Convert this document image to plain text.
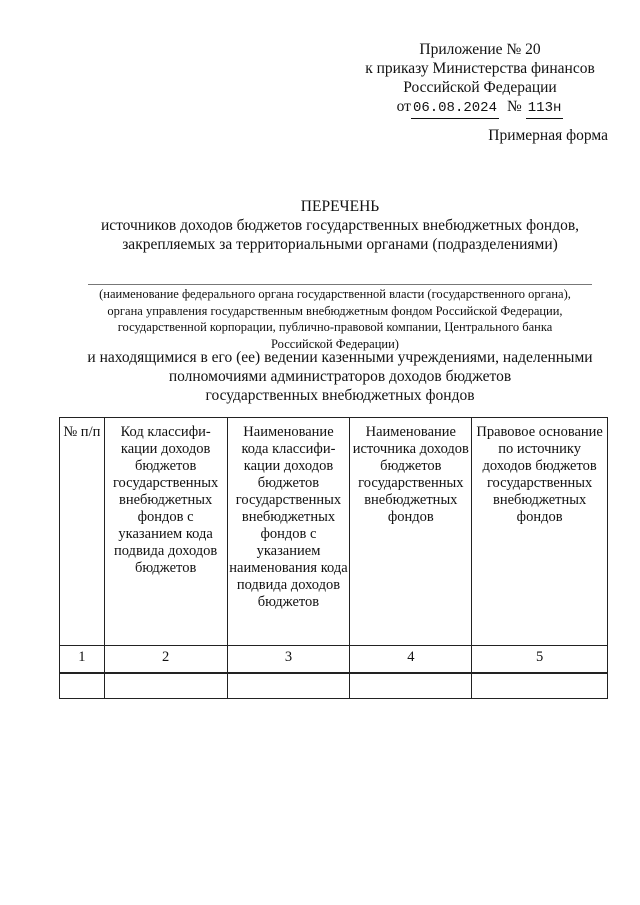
Приложение № 20
к приказу Министерства финансов
Российской Федерации
от 06.08.2024 № 113н
Примерная форма
ПЕРЕЧЕНЬ
источников доходов бюджетов государственных внебюджетных фондов,
закрепляемых за территориальными органами (подразделениями)
(наименование федерального органа государственной власти (государственного органа),
органа управления государственным внебюджетным фондом Российской Федерации,
государственной корпорации, публично-правовой компании, Центрального банка
Российской Федерации)
и находящимися в его (ее) ведении казенными учреждениями, наделенными
полномочиями администраторов доходов бюджетов
государственных внебюджетных фондов
№ п/п	Код классифи-кации доходов бюджетов государственных внебюджетных фондов с указанием кода подвида доходов бюджетов	Наименование кода классифи-кации доходов бюджетов государственных внебюджетных фондов с указанием наименования кода подвида доходов бюджетов	Наименование источника доходов бюджетов государственных внебюджетных фондов	Правовое основание по источнику доходов бюджетов государственных внебюджетных фондов
1	2	3	4	5
